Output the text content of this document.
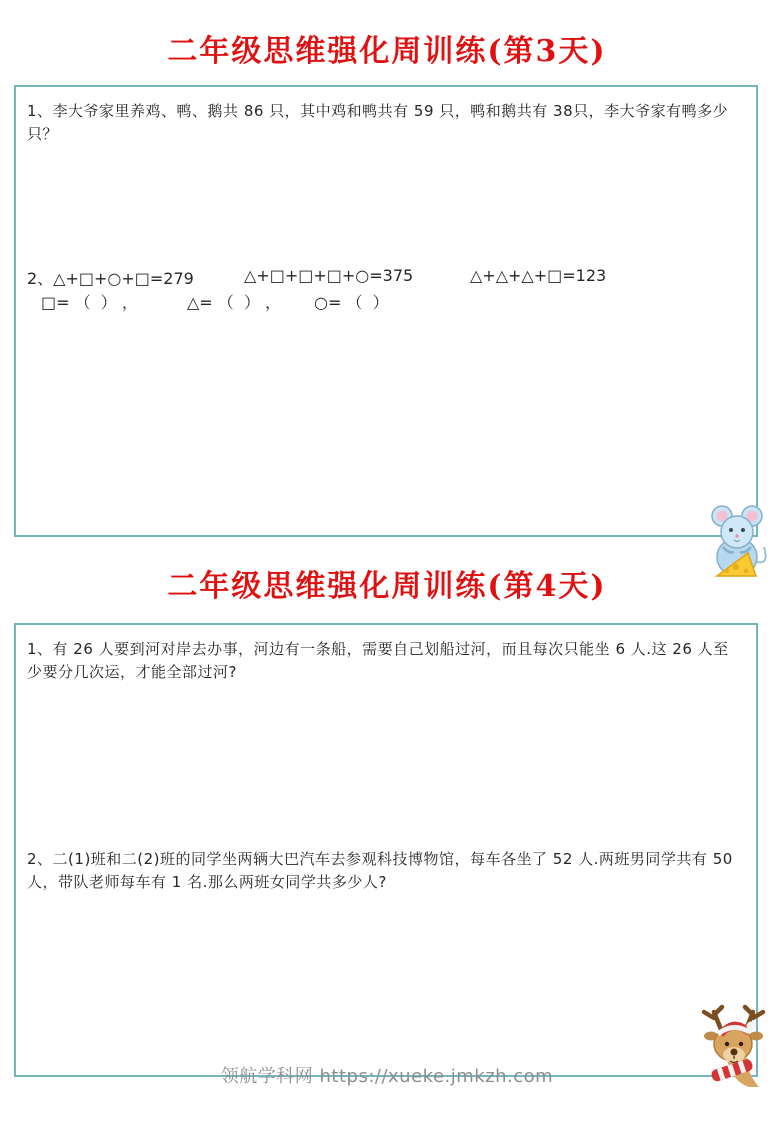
二年级思维强化周训练(第3天)
1、李大爷家里养鸡、鸭、鹅共 86 只，其中鸡和鸭共有 59 只，鸭和鹅共有 38只，李大爷家有鸭多少只？
2、△+□+○+□=279	△+□+□+□+○=375	△+△+△+□=123
□= （  ） ，	△= （  ） ，	○= （  ）
二年级思维强化周训练(第4天)
1、有 26 人要到河对岸去办事，河边有一条船，需要自己划船过河，而且每次只能坐 6 人.这 26 人至少要分几次运，才能全部过河?
2、二(1)班和二(2)班的同学坐两辆大巴汽车去参观科技博物馆，每车各坐了 52 人.两班男同学共有 50 人，带队老师每车有 1 名.那么两班女同学共多少人?
领航学科网 https://xueke.jmkzh.com
